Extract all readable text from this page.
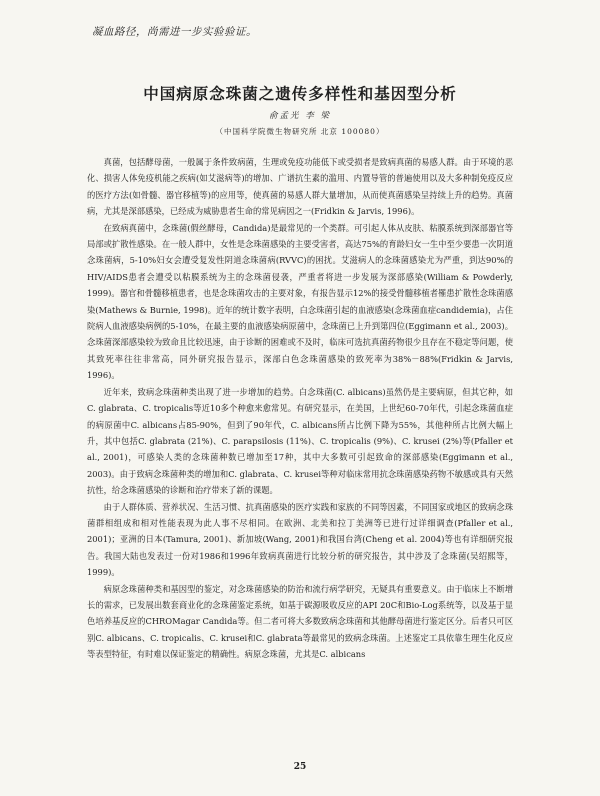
凝血路径，尚需进一步实验验证。
中国病原念珠菌之遗传多样性和基因型分析
俞孟光 李 梁
（中国科学院微生物研究所 北京 100080）

真菌，包括酵母菌，一般属于条件致病菌，生理或免疫功能低下或受损者是致病真菌的易感人群。由于环境的恶化、损害人体免疫机能之疾病(如艾滋病等)的增加、广谱抗生素的滥用、内置导管的普遍使用以及大多种制免疫反应的医疗方法(如骨髓、器官移植等)的应用等，使真菌的易感人群大量增加，从而使真菌感染呈持续上升的趋势。真菌病，尤其是深部感染，已经成为威胁患者生命的常见病因之一(Fridkin & Jarvis, 1996)。

在致病真菌中，念珠菌(假丝酵母，Candida)是最常见的一个类群。可引起人体从皮肤、粘膜系统到深部器官等局部或扩散性感染。在一般人群中，女性是念珠菌感染的主要受害者，高达75%的育龄妇女一生中至少要患一次阴道念珠菌病，5-10%妇女会遭受复发性阴道念珠菌病(RVVC)的困扰。艾滋病人的念珠菌感染尤为严重，到达90%的HIV/AIDS患者会遭受以粘膜系统为主的念珠菌侵袭，严重者将进一步发展为深部感染(William & Powderly, 1999)。器官和骨髓移植患者，也是念珠菌攻击的主要对象，有报告显示12%的接受骨髓移植者罹患扩散性念珠菌感染(Mathews & Burnie, 1998)。近年的统计数字表明，白念珠菌引起的血液感染(念珠菌血症candidemia)，占住院病人血液感染病例的5-10%，在最主要的血液感染病原菌中，念珠菌已上升到第四位(Eggimann et al., 2003)。念珠菌深部感染较为致命且比较迅速，由于诊断的困难或不及时，临床可选抗真菌药物很少且存在不稳定等问题，使其致死率往往非常高，同外研究报告显示，深部白色念珠菌感染的致死率为38%－88%(Fridkin & Jarvis, 1996)。

近年来，致病念珠菌种类出现了进一步增加的趋势。白念珠菌(C. albicans)虽然仍是主要病原，但其它种，如C. glabrata、C. tropicalis等近10多个种愈来愈常见。有研究显示，在美国，上世纪60-70年代，引起念珠菌血症的病原菌中C. albicans占85-90%，但到了90年代，C. albicans所占比例下降为55%，其他种所占比例大幅上升，其中包括C. glabrata (21%)、C. parapsilosis (11%)、C. tropicalis (9%)、C. krusei (2%)等(Pfaller et al., 2001)，可感染人类的念珠菌种数已增加至17种，其中大多数可引起致命的深部感染(Eggimann et al., 2003)。由于致病念珠菌种类的增加和C. glabrata、C. krusei等种对临床常用抗念珠菌感染药物不敏感或具有天然抗性，给念珠菌感染的诊断和治疗带来了新的课题。

由于人群体质、营养状况、生活习惯、抗真菌感染的医疗实践和家族的不同等因素，不同国家或地区的致病念珠菌群相组成和相对性能表现为此人事不尽相同。在欧洲、北美和拉丁美洲等已进行过详细调查(Pfaller et al., 2001)；亚洲的日本(Tamura, 2001)、新加坡(Wang, 2001)和我国台湾(Cheng et al. 2004)等也有详细研究报告。我国大陆也发表过一份对1986和1996年致病真菌进行比较分析的研究报告，其中涉及了念珠菌(吴绍熙等，1999)。

病原念珠菌种类和基因型的鉴定，对念珠菌感染的防治和流行病学研究，无疑具有重要意义。由于临床上不断增长的需求，已发展出数套商业化的念珠菌鉴定系统，如基于碳源吸收反应的API 20C和Bio-Log系统等，以及基于显色培养基反应的CHROMagar Candida等。但二者可将大多数致病念珠菌和其他酵母菌进行鉴定区分。后者只可区别C. albicans、C. tropicalis、C. krusei和C. glabrata等最常见的致病念珠菌。上述鉴定工具依靠生理生化反应等表型特征，有时难以保证鉴定的精确性。病原念珠菌，尤其是C. albicans

25
